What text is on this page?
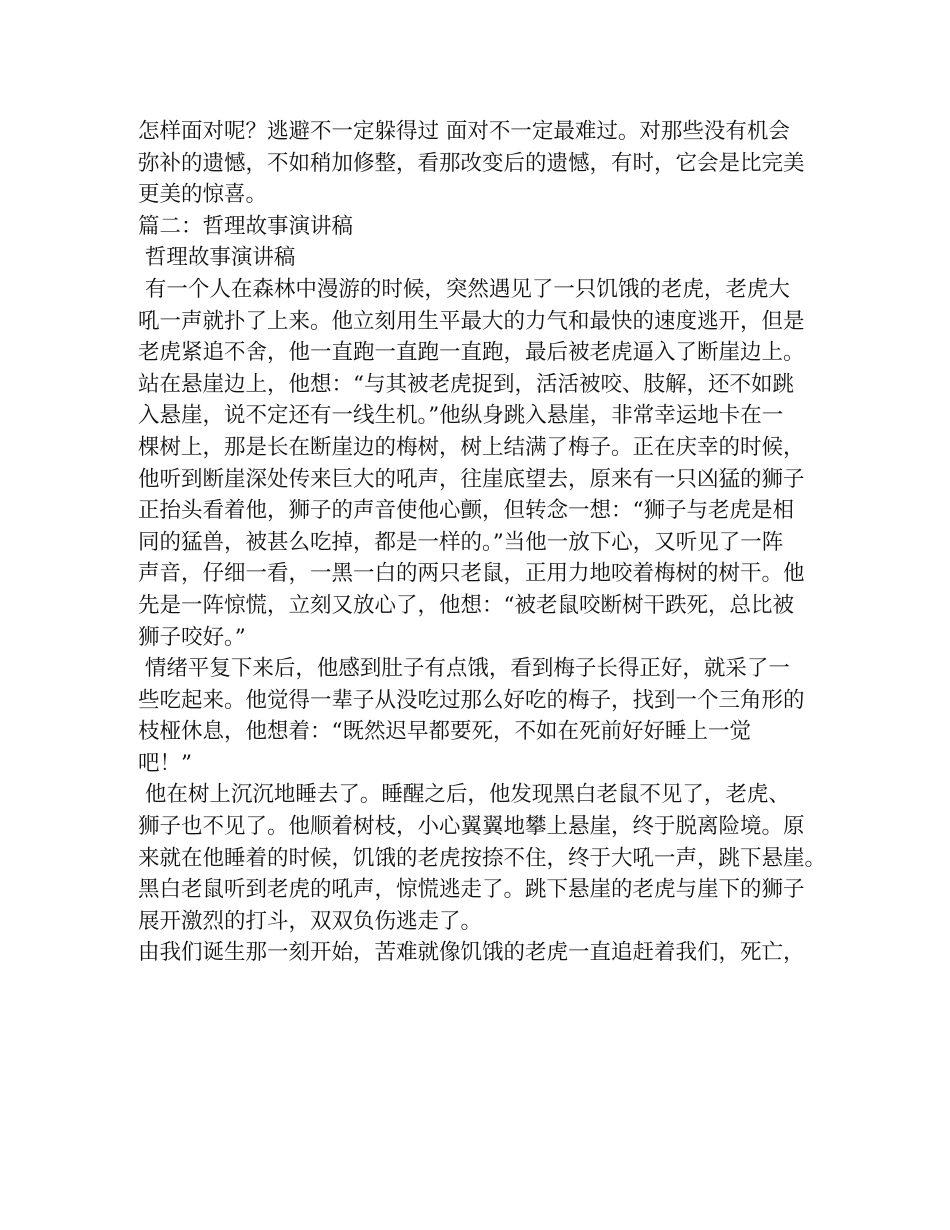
怎样面对呢？逃避不一定躲得过 面对不一定最难过。对那些没有机会
弥补的遗憾，不如稍加修整，看那改变后的遗憾，有时，它会是比完美
更美的惊喜。
篇二：哲理故事演讲稿
哲理故事演讲稿
有一个人在森林中漫游的时候，突然遇见了一只饥饿的老虎，老虎大
吼一声就扑了上来。他立刻用生平最大的力气和最快的速度逃开，但是
老虎紧追不舍，他一直跑一直跑一直跑，最后被老虎逼入了断崖边上。
站在悬崖边上，他想：“与其被老虎捉到，活活被咬、肢解，还不如跳
入悬崖，说不定还有一线生机。”他纵身跳入悬崖，非常幸运地卡在一
棵树上，那是长在断崖边的梅树，树上结满了梅子。正在庆幸的时候，
他听到断崖深处传来巨大的吼声，往崖底望去，原来有一只凶猛的狮子
正抬头看着他，狮子的声音使他心颤，但转念一想：“狮子与老虎是相
同的猛兽，被甚么吃掉，都是一样的。”当他一放下心，又听见了一阵
声音，仔细一看，一黑一白的两只老鼠，正用力地咬着梅树的树干。他
先是一阵惊慌，立刻又放心了，他想：“被老鼠咬断树干跌死，总比被
狮子咬好。”
情绪平复下来后，他感到肚子有点饿，看到梅子长得正好，就采了一
些吃起来。他觉得一辈子从没吃过那么好吃的梅子，找到一个三角形的
枝桠休息，他想着：“既然迟早都要死，不如在死前好好睡上一觉
吧！”
他在树上沉沉地睡去了。睡醒之后，他发现黑白老鼠不见了，老虎、
狮子也不见了。他顺着树枝，小心翼翼地攀上悬崖，终于脱离险境。原
来就在他睡着的时候，饥饿的老虎按捺不住，终于大吼一声，跳下悬崖。
黑白老鼠听到老虎的吼声，惊慌逃走了。跳下悬崖的老虎与崖下的狮子
展开激烈的打斗，双双负伤逃走了。
由我们诞生那一刻开始，苦难就像饥饿的老虎一直追赶着我们，死亡，
